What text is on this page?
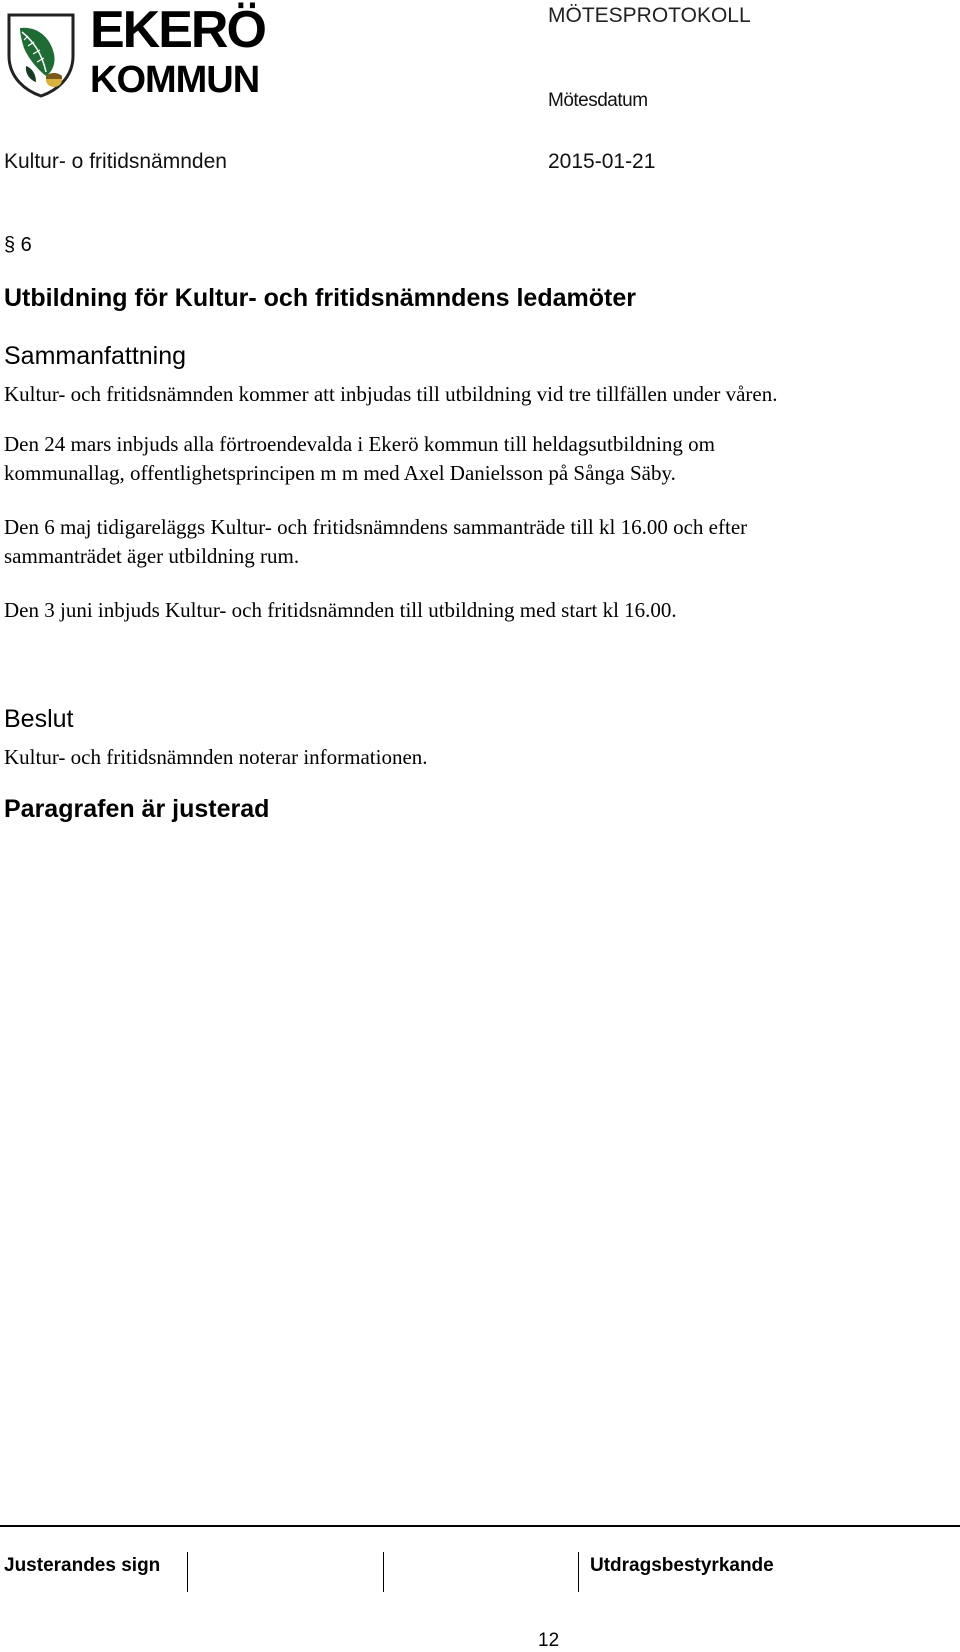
EKERÖ
KOMMUN
MÖTESPROTOKOLL
Mötesdatum
Kultur- o fritidsnämnden	2015-01-21
§ 6
Utbildning för Kultur- och fritidsnämndens ledamöter
Sammanfattning
Kultur- och fritidsnämnden kommer att inbjudas till utbildning vid tre tillfällen under våren.
Den 24 mars inbjuds alla förtroendevalda i Ekerö kommun till heldagsutbildning om
kommunallag, offentlighetsprincipen m m med Axel Danielsson på Sånga Säby.
Den 6 maj tidigareläggs Kultur- och fritidsnämndens sammanträde till kl 16.00 och efter
sammanträdet äger utbildning rum.
Den 3 juni inbjuds Kultur- och fritidsnämnden till utbildning med start kl 16.00.
Beslut
Kultur- och fritidsnämnden noterar informationen.
Paragrafen är justerad
Justerandes sign	Utdragsbestyrkande
12
